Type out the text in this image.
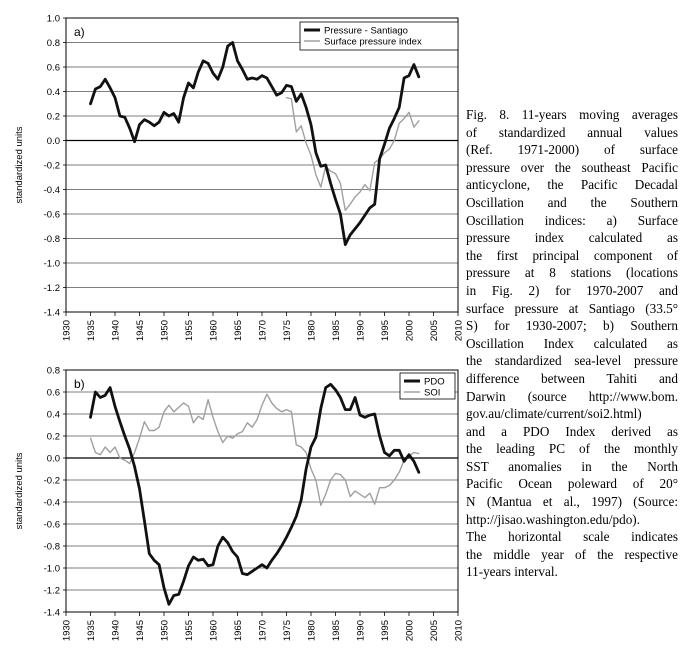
1.0
0.8
0.6
0.4
0.2
0.0
-0.2
-0.4
-0.6
-0.8
-1.0
-1.2
-1.4
1930 1935 1940 1945 1950 1955 1960 1965 1970 1975 1980 1985 1990 1995 2000 2005 2010
standardized units
a)	Pressure - Santiago
Surface pressure index
0.8
0.6
0.4
0.2
0.0
-0.2
-0.4
-0.6
-0.8
-1.0
-1.2
-1.4
1930 1935 1940 1945 1950 1955 1960 1965 1970 1975 1980 1985 1990 1995 2000 2005 2010
standardized units
b)	PDO
SOI
Fig. 8. 11-years moving averages
of standardized annual values
(Ref. 1971-2000) of surface
pressure over the southeast Pacific
anticyclone, the Pacific Decadal
Oscillation and the Southern
Oscillation indices: a) Surface
pressure index calculated as
the first principal component of
pressure at 8 stations (locations
in Fig. 2) for 1970-2007 and
surface pressure at Santiago (33.5°
S) for 1930-2007; b) Southern
Oscillation Index calculated as
the standardized sea-level pressure
difference between Tahiti and
Darwin (source http://www.bom.
gov.au/climate/current/soi2.html)
and a PDO Index derived as
the leading PC of the monthly
SST anomalies in the North
Pacific Ocean poleward of 20°
N (Mantua et al., 1997) (Source:
http://jisao.washington.edu/pdo).
The horizontal scale indicates
the middle year of the respective
11-years interval.
